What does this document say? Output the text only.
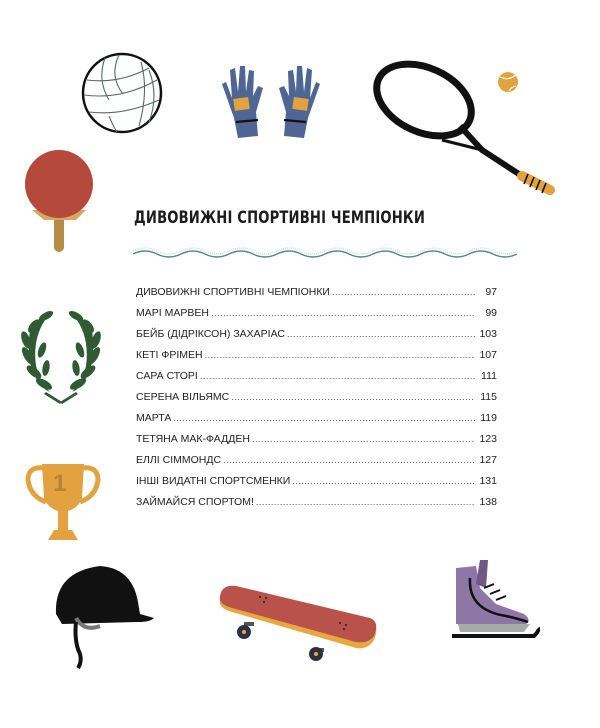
1
ДИВОВИЖНІ СПОРТИВНІ ЧЕМПІОНКИ
ДИВОВИЖНІ СПОРТИВНІ ЧЕМПІОНКИ .....	97
МАРІ МАРВЕН .....	99
БЕЙБ (ДІДРІКСОН) ЗАХАРІАС .....	103
КЕТІ ФРІМЕН .....	107
САРА СТОРІ .....	111
СЕРЕНА ВІЛЬЯМС .....	115
МАРТА .....	119
ТЕТЯНА МАК-ФАДДЕН .....	123
ЕЛЛІ СІММОНДС .....	127
ІНШІ ВИДАТНІ СПОРТСМЕНКИ .....	131
ЗАЙМАЙСЯ СПОРТОМ! .....	138
